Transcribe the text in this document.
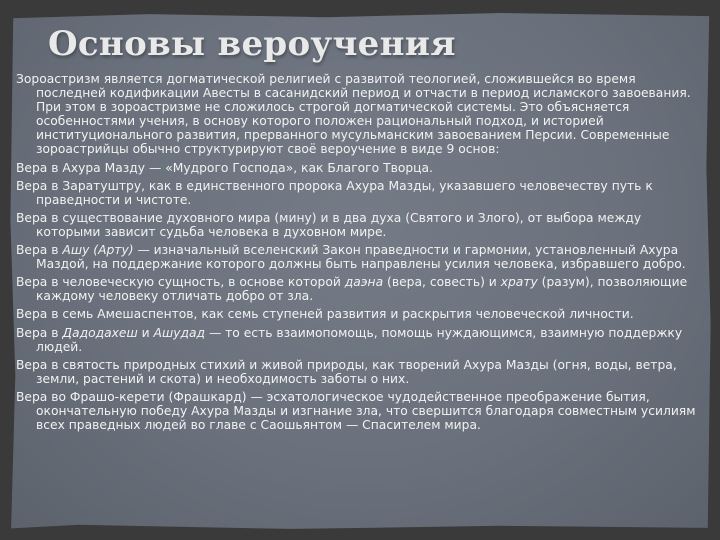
Основы вероучения

Зороастризм является догматической религией с развитой теологией, сложившейся во время последней кодификации Авесты в сасанидский период и отчасти в период исламского завоевания. При этом в зороастризме не сложилось строгой догматической системы. Это объясняется особенностями учения, в основу которого положен рациональный подход, и историей институционального развития, прерванного мусульманским завоеванием Персии. Современные зороастрийцы обычно структурируют своё вероучение в виде 9 основ:

Вера в Ахура Мазду — «Мудрого Господа», как Благого Творца.

Вера в Заратуштру, как в единственного пророка Ахура Мазды, указавшего человечеству путь к праведности и чистоте.

Вера в существование духовного мира (мину) и в два духа (Святого и Злого), от выбора между которыми зависит судьба человека в духовном мире.

Вера в Ашу (Арту) — изначальный вселенский Закон праведности и гармонии, установленный Ахура Маздой, на поддержание которого должны быть направлены усилия человека, избравшего добро.

Вера в человеческую сущность, в основе которой даэна (вера, совесть) и храту (разум), позволяющие каждому человеку отличать добро от зла.

Вера в семь Амешаспентов, как семь ступеней развития и раскрытия человеческой личности.

Вера в Дадодахеш и Ашудад — то есть взаимопомощь, помощь нуждающимся, взаимную поддержку людей.

Вера в святость природных стихий и живой природы, как творений Ахура Мазды (огня, воды, ветра, земли, растений и скота) и необходимость заботы о них.

Вера во Фрашо-керети (Фрашкард) — эсхатологическое чудодейственное преображение бытия, окончательную победу Ахура Мазды и изгнание зла, что свершится благодаря совместным усилиям всех праведных людей во главе с Саошьянтом — Спасителем мира.
